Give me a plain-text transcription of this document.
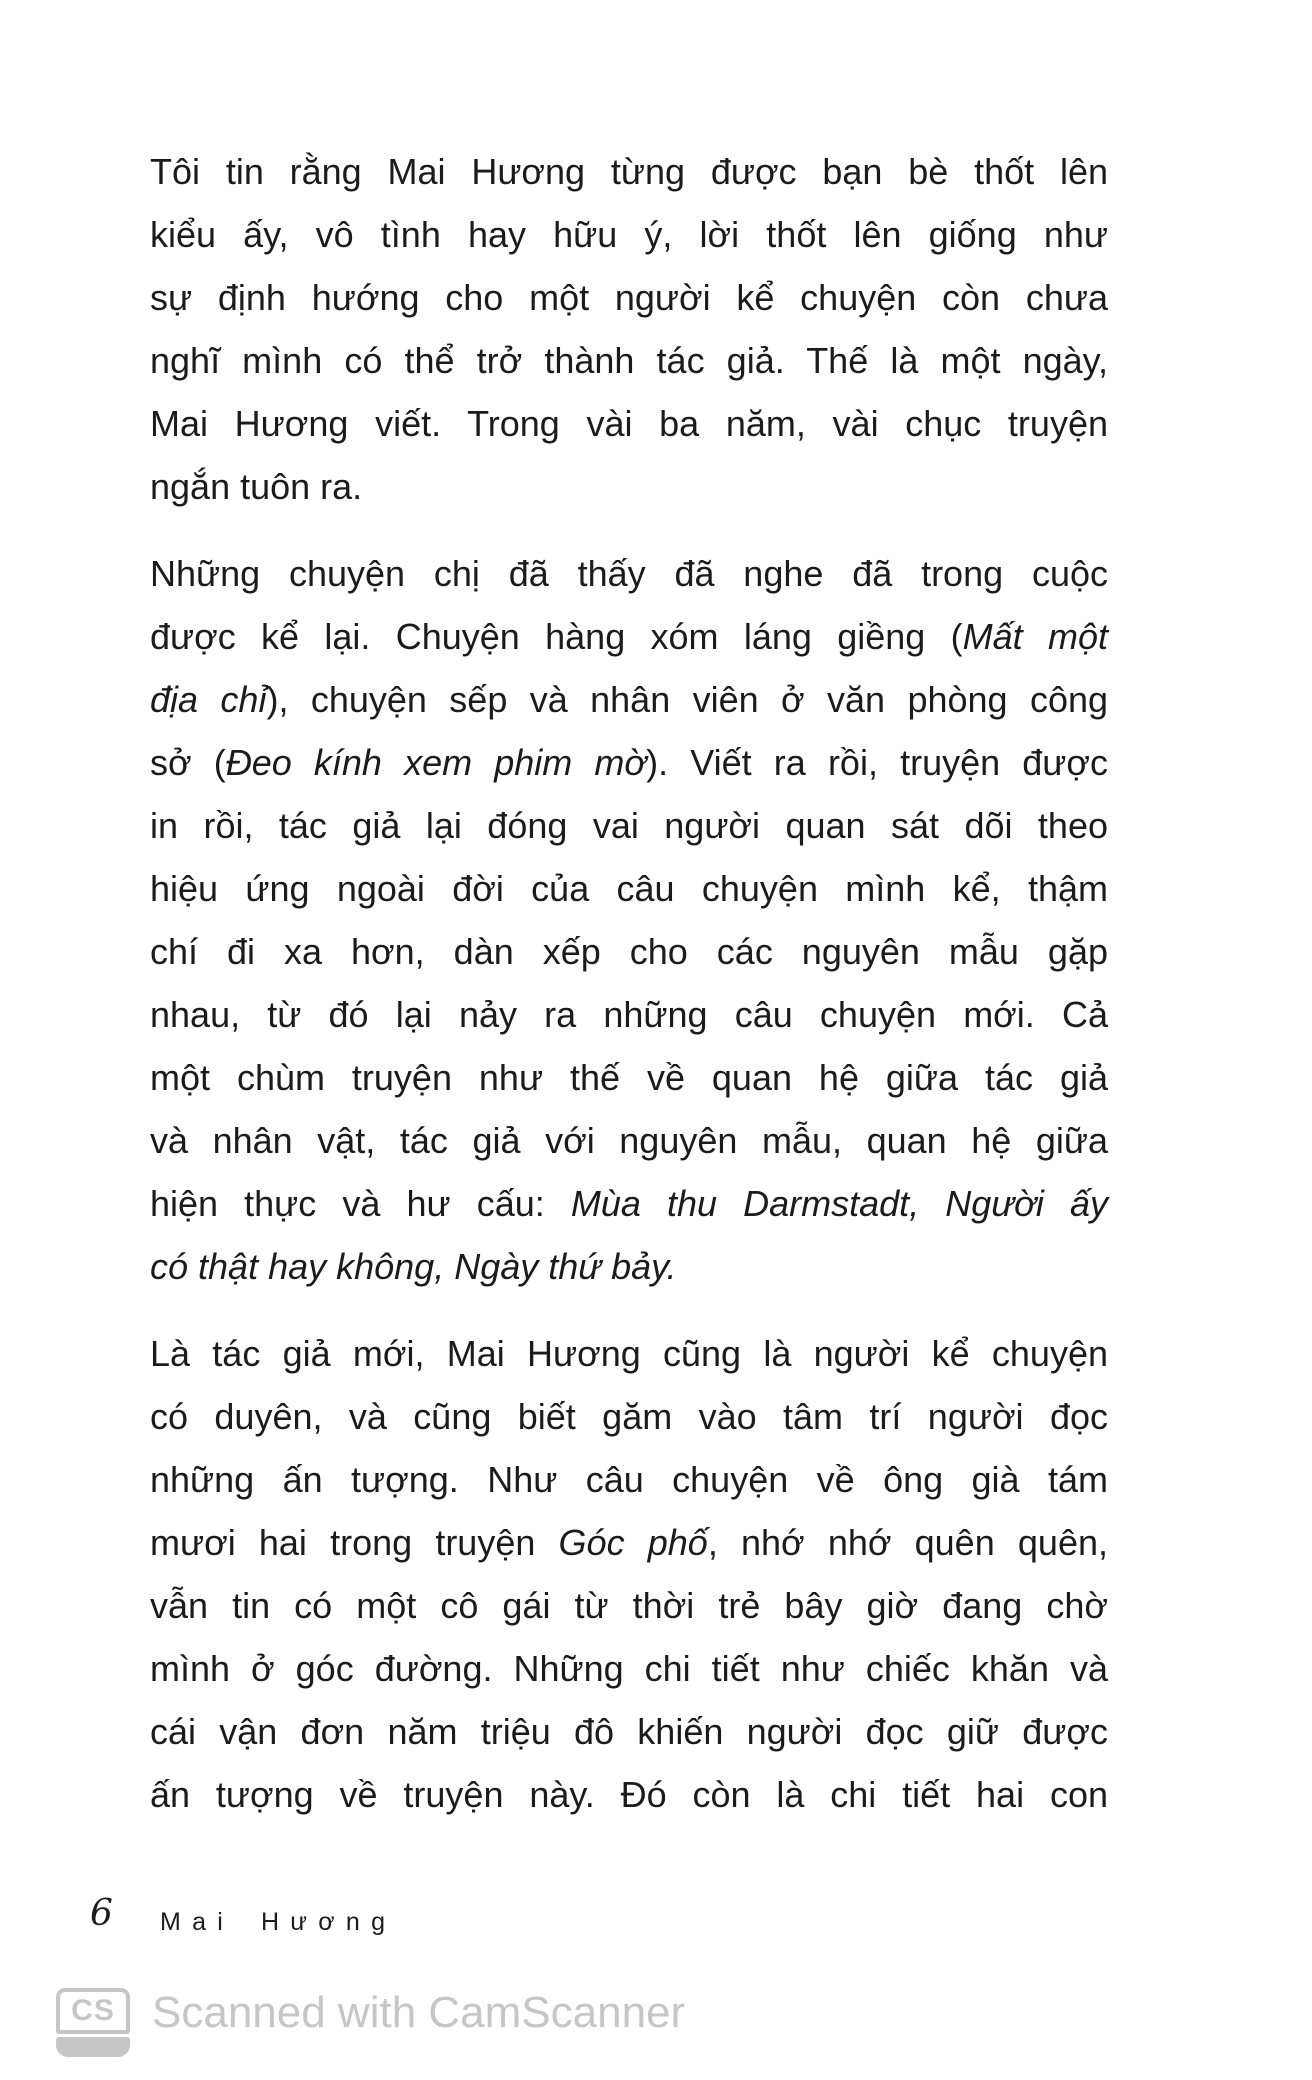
Tôi tin rằng Mai Hương từng được bạn bè thốt lên
kiểu ấy, vô tình hay hữu ý, lời thốt lên giống như
sự định hướng cho một người kể chuyện còn chưa
nghĩ mình có thể trở thành tác giả. Thế là một ngày,
Mai Hương viết. Trong vài ba năm, vài chục truyện
ngắn tuôn ra.

Những chuyện chị đã thấy đã nghe đã trong cuộc
được kể lại. Chuyện hàng xóm láng giềng (Mất một
địa chỉ), chuyện sếp và nhân viên ở văn phòng công
sở (Đeo kính xem phim mờ). Viết ra rồi, truyện được
in rồi, tác giả lại đóng vai người quan sát dõi theo
hiệu ứng ngoài đời của câu chuyện mình kể, thậm
chí đi xa hơn, dàn xếp cho các nguyên mẫu gặp
nhau, từ đó lại nảy ra những câu chuyện mới. Cả
một chùm truyện như thế về quan hệ giữa tác giả
và nhân vật, tác giả với nguyên mẫu, quan hệ giữa
hiện thực và hư cấu: Mùa thu Darmstadt, Người ấy
có thật hay không, Ngày thứ bảy.

Là tác giả mới, Mai Hương cũng là người kể chuyện
có duyên, và cũng biết găm vào tâm trí người đọc
những ấn tượng. Như câu chuyện về ông già tám
mươi hai trong truyện Góc phố, nhớ nhớ quên quên,
vẫn tin có một cô gái từ thời trẻ bây giờ đang chờ
mình ở góc đường. Những chi tiết như chiếc khăn và
cái vận đơn năm triệu đô khiến người đọc giữ được
ấn tượng về truyện này. Đó còn là chi tiết hai con

6 Mai Hương
CS Scanned with CamScanner
